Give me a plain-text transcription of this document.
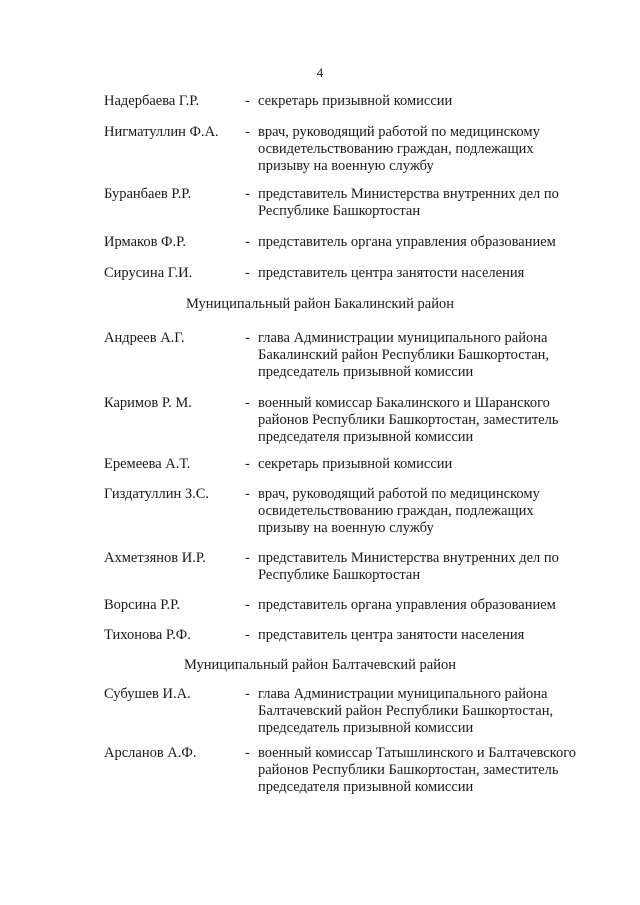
4
Надербаева Г.Р.	- секретарь призывной комиссии
Нигматуллин Ф.А. - врач, руководящий работой по медицинскому
освидетельствованию граждан, подлежащих
призыву на военную службу
Буранбаев Р.Р.	- представитель Министерства внутренних дел по
Республике Башкортостан
Ирмаков Ф.Р.	- представитель органа управления образованием
Сирусина Г.И.	- представитель центра занятости населения
Муниципальный район Бакалинский район
Андреев А.Г.	- глава Администрации муниципального района
Бакалинский район Республики Башкортостан,
председатель призывной комиссии
Каримов Р. М.	- военный комиссар Бакалинского и Шаранского
районов Республики Башкортостан, заместитель
председателя призывной комиссии
Еремеева А.Т.	- секретарь призывной комиссии
Гиздатуллин З.С. - врач, руководящий работой по медицинскому
освидетельствованию граждан, подлежащих
призыву на военную службу
Ахметзянов И.Р.	- представитель Министерства внутренних дел по
Республике Башкортостан
Ворсина Р.Р.	- представитель органа управления образованием
Тихонова Р.Ф.	- представитель центра занятости населения
Муниципальный район Балтачевский район
Субушев И.А.	- глава Администрации муниципального района
Балтачевский район Республики Башкортостан,
председатель призывной комиссии
Арсланов А.Ф.	- военный комиссар Татышлинского и Балтачевского
районов Республики Башкортостан, заместитель
председателя призывной комиссии
